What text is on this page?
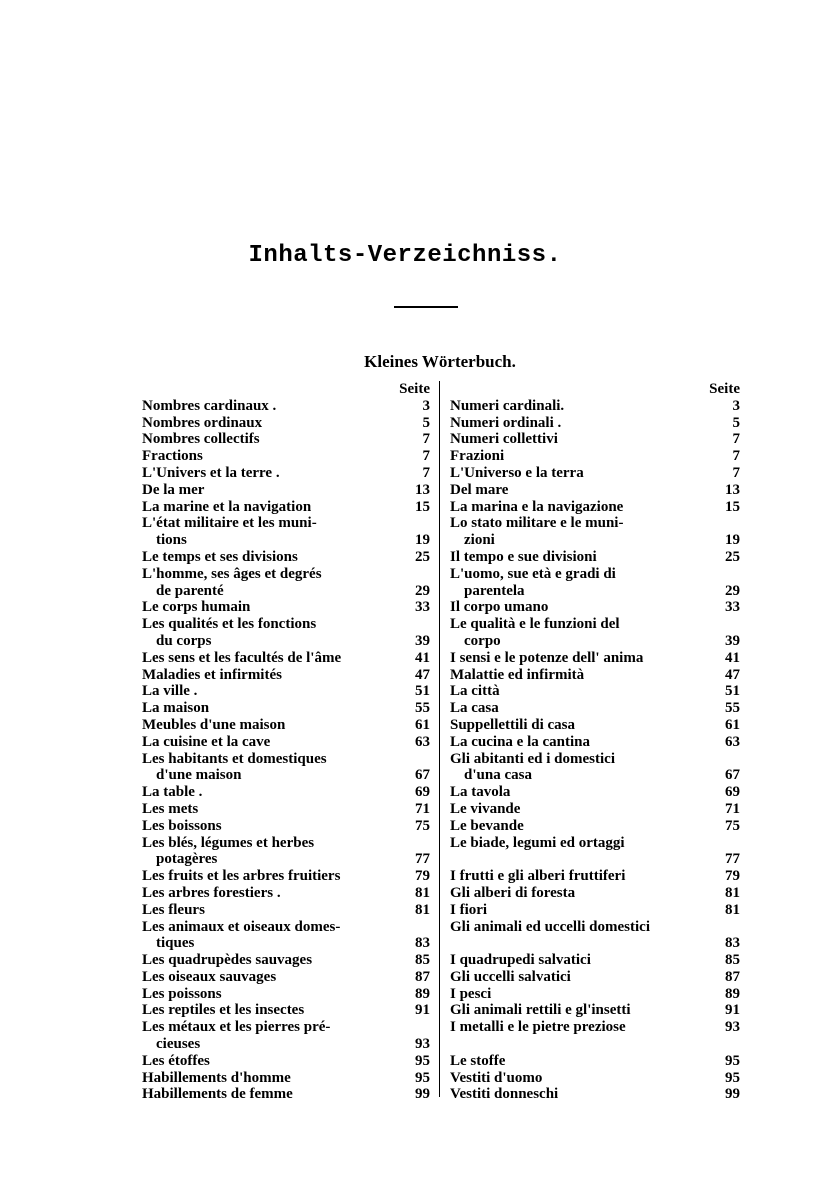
Inhalts-Verzeichniss.
Kleines Wörterbuch.
Seite
Nombres cardinaux .	3
Nombres ordinaux	5
Nombres collectifs	7
Fractions	7
L'Univers et la terre .	7
De la mer	13
La marine et la navigation	15
L'état militaire et les muni-
tions	19
Le temps et ses divisions	25
L'homme, ses âges et degrés
de parenté	29
Le corps humain	33
Les qualités et les fonctions
du corps	39
Les sens et les facultés de l'âme	41
Maladies et infirmités	47
La ville .	51
La maison	55
Meubles d'une maison	61
La cuisine et la cave	63
Les habitants et domestiques
d'une maison	67
La table .	69
Les mets	71
Les boissons	75
Les blés, légumes et herbes
potagères	77
Les fruits et les arbres fruitiers	79
Les arbres forestiers .	81
Les fleurs	81
Les animaux et oiseaux domes-
tiques	83
Les quadrupèdes sauvages	85
Les oiseaux sauvages	87
Les poissons	89
Les reptiles et les insectes	91
Les métaux et les pierres pré-
cieuses	93
Les étoffes	95
Habillements d'homme	95
Habillements de femme	99
Seite
Numeri cardinali.	3
Numeri ordinali .	5
Numeri collettivi	7
Frazioni	7
L'Universo e la terra	7
Del mare	13
La marina e la navigazione	15
Lo stato militare e le muni-
zioni	19
Il tempo e sue divisioni	25
L'uomo, sue età e gradi di
parentela	29
Il corpo umano	33
Le qualità e le funzioni del
corpo	39
I sensi e le potenze dell' anima	41
Malattie ed infirmità	47
La città	51
La casa	55
Suppellettili di casa	61
La cucina e la cantina	63
Gli abitanti ed i domestici
d'una casa	67
La tavola	69
Le vivande	71
Le bevande	75
Le biade, legumi ed ortaggi
77
I frutti e gli alberi fruttiferi	79
Gli alberi di foresta	81
I fiori	81
Gli animali ed uccelli domestici
83
I quadrupedi salvatici	85
Gli uccelli salvatici	87
I pesci	89
Gli animali rettili e gl'insetti	91
I metalli e le pietre preziose	93
Le stoffe	95
Vestiti d'uomo	95
Vestiti donneschi	99
